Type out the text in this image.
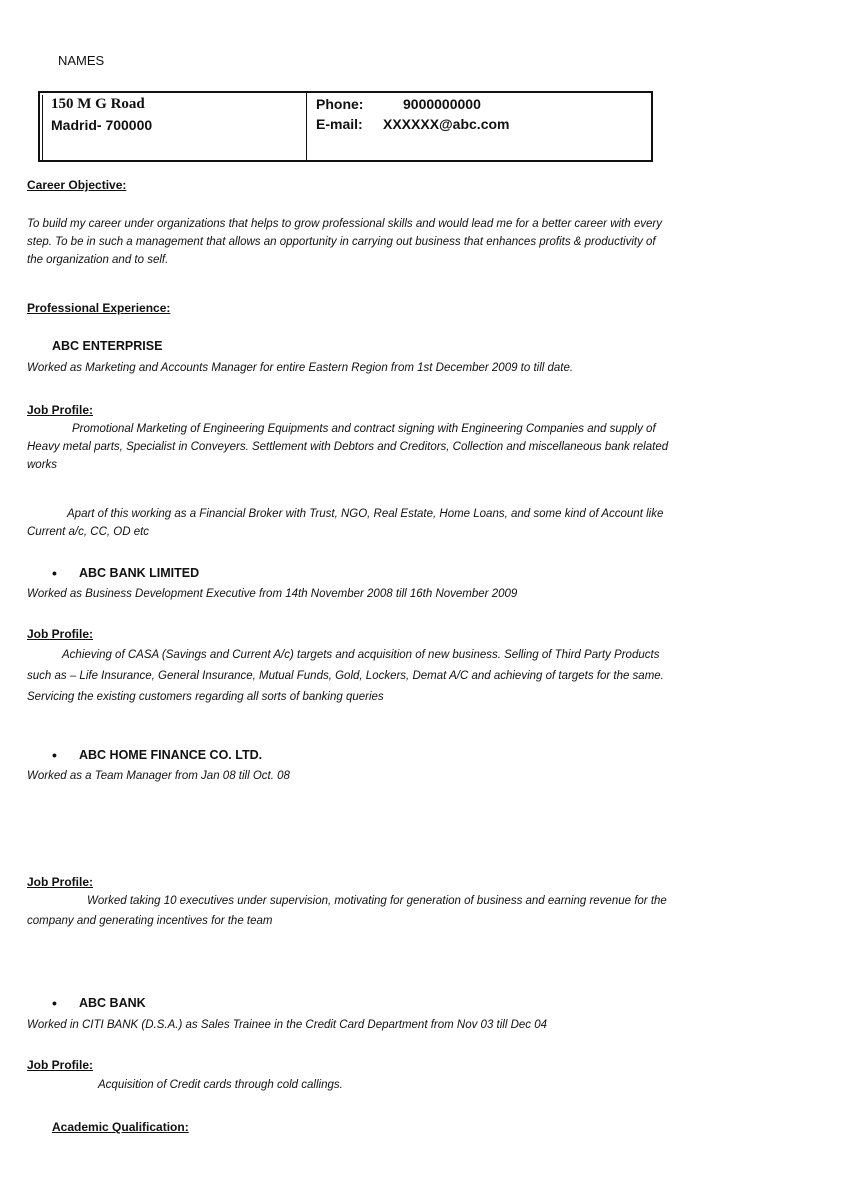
NAMES
150 M G Road
Madrid- 700000
Phone:	9000000000
E-mail: XXXXXX@abc.com
Career Objective:
To build my career under organizations that helps to grow professional skills and would lead me for a better career with every
step. To be in such a management that allows an opportunity in carrying out business that enhances profits & productivity of
the organization and to self.
Professional Experience:
ABC ENTERPRISE
Worked as Marketing and Accounts Manager for entire Eastern Region from 1st December 2009 to till date.
Job Profile:
Promotional Marketing of Engineering Equipments and contract signing with Engineering Companies and supply of
Heavy metal parts, Specialist in Conveyers. Settlement with Debtors and Creditors, Collection and miscellaneous bank related
works
Apart of this working as a Financial Broker with Trust, NGO, Real Estate, Home Loans, and some kind of Account like
Current a/c, CC, OD etc
• ABC BANK LIMITED
Worked as Business Development Executive from 14th November 2008 till 16th November 2009
Job Profile:
Achieving of CASA (Savings and Current A/c) targets and acquisition of new business. Selling of Third Party Products
such as – Life Insurance, General Insurance, Mutual Funds, Gold, Lockers, Demat A/C and achieving of targets for the same.
Servicing the existing customers regarding all sorts of banking queries
• ABC HOME FINANCE CO. LTD.
Worked as a Team Manager from Jan 08 till Oct. 08
Job Profile:
Worked taking 10 executives under supervision, motivating for generation of business and earning revenue for the
company and generating incentives for the team
• ABC BANK
Worked in CITI BANK (D.S.A.) as Sales Trainee in the Credit Card Department from Nov 03 till Dec 04
Job Profile:
Acquisition of Credit cards through cold callings.
Academic Qualification:
